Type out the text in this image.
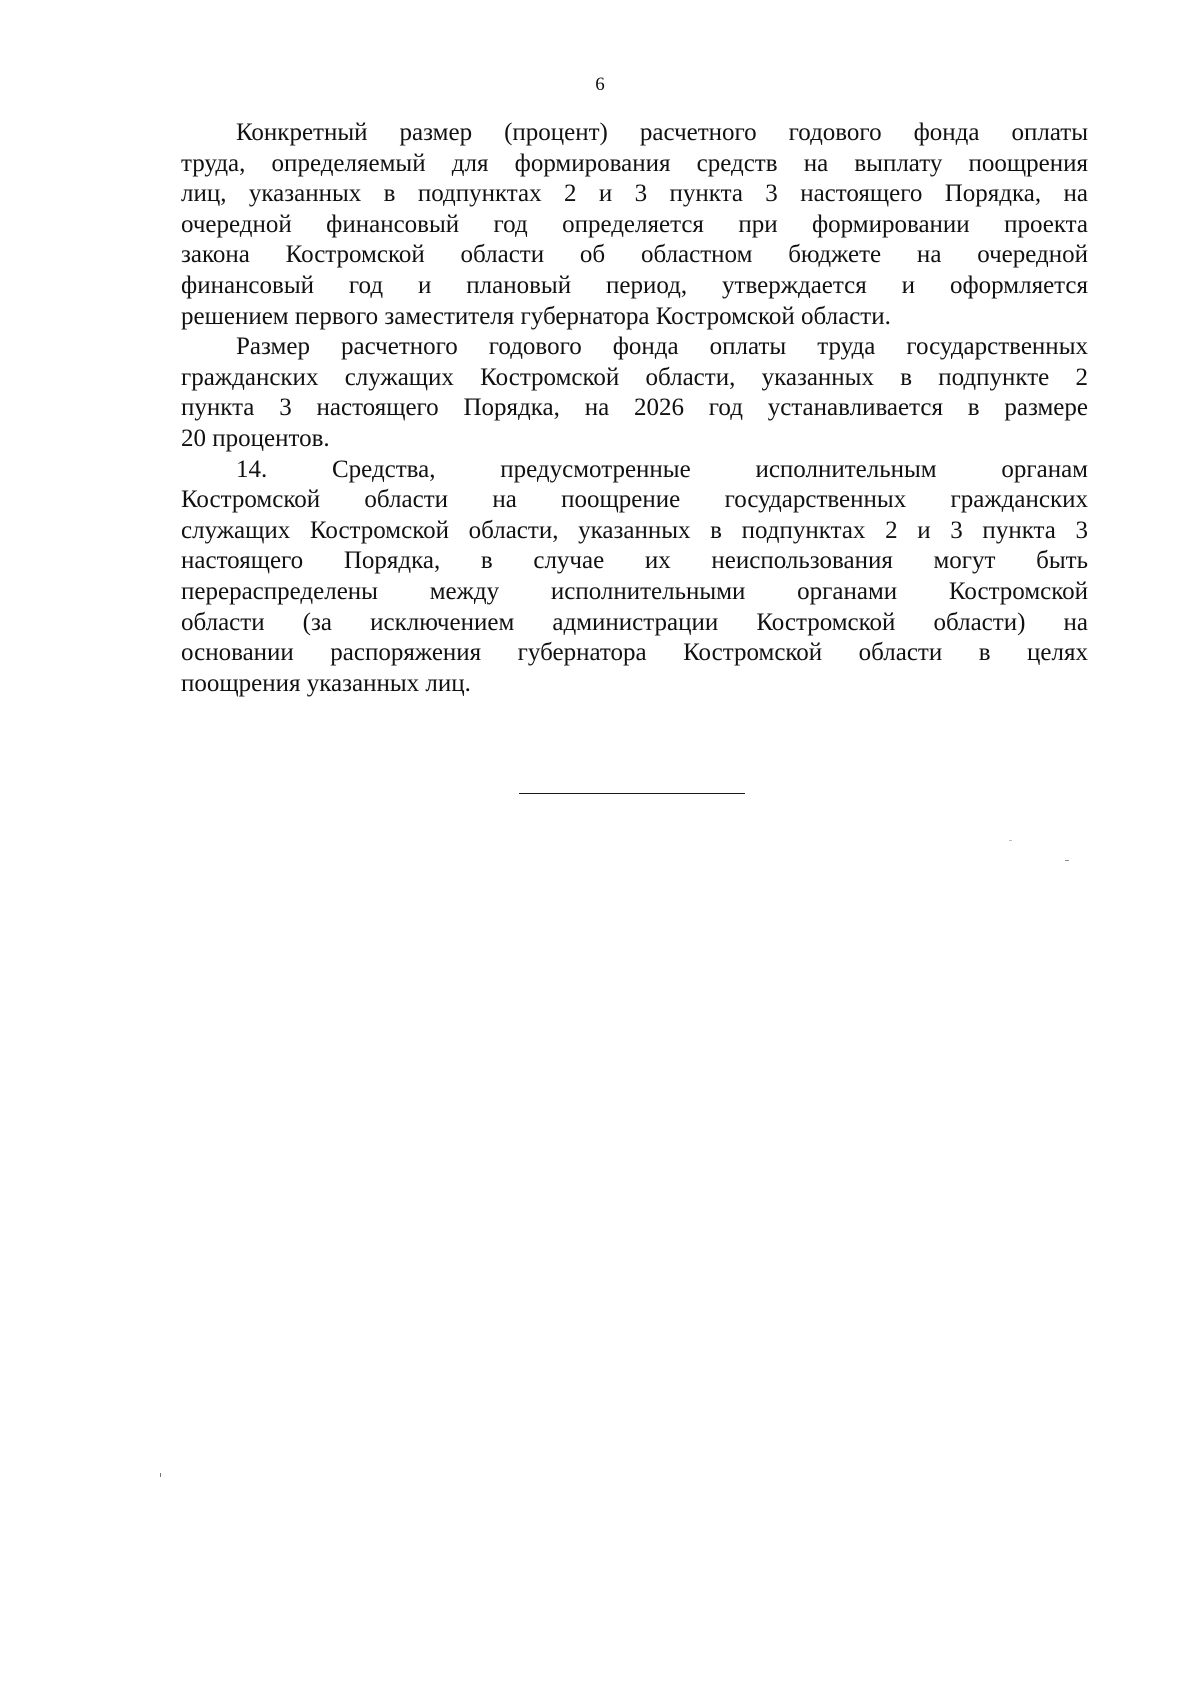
6
Конкретный размер (процент) расчетного годового фонда оплаты
труда, определяемый для формирования средств на выплату поощрения
лиц, указанных в подпунктах 2 и 3 пункта 3 настоящего Порядка, на
очередной финансовый год определяется при формировании проекта
закона Костромской области об областном бюджете на очередной
финансовый год и плановый период, утверждается и оформляется
решением первого заместителя губернатора Костромской области.
Размер расчетного годового фонда оплаты труда государственных
гражданских служащих Костромской области, указанных в подпункте 2
пункта 3 настоящего Порядка, на 2026 год устанавливается в размере
20 процентов.
14. Средства, предусмотренные исполнительным органам
Костромской области на поощрение государственных гражданских
служащих Костромской области, указанных в подпунктах 2 и 3 пункта 3
настоящего Порядка, в случае их неиспользования могут быть
перераспределены между исполнительными органами Костромской
области (за исключением администрации Костромской области) на
основании распоряжения губернатора Костромской области в целях
поощрения указанных лиц.
